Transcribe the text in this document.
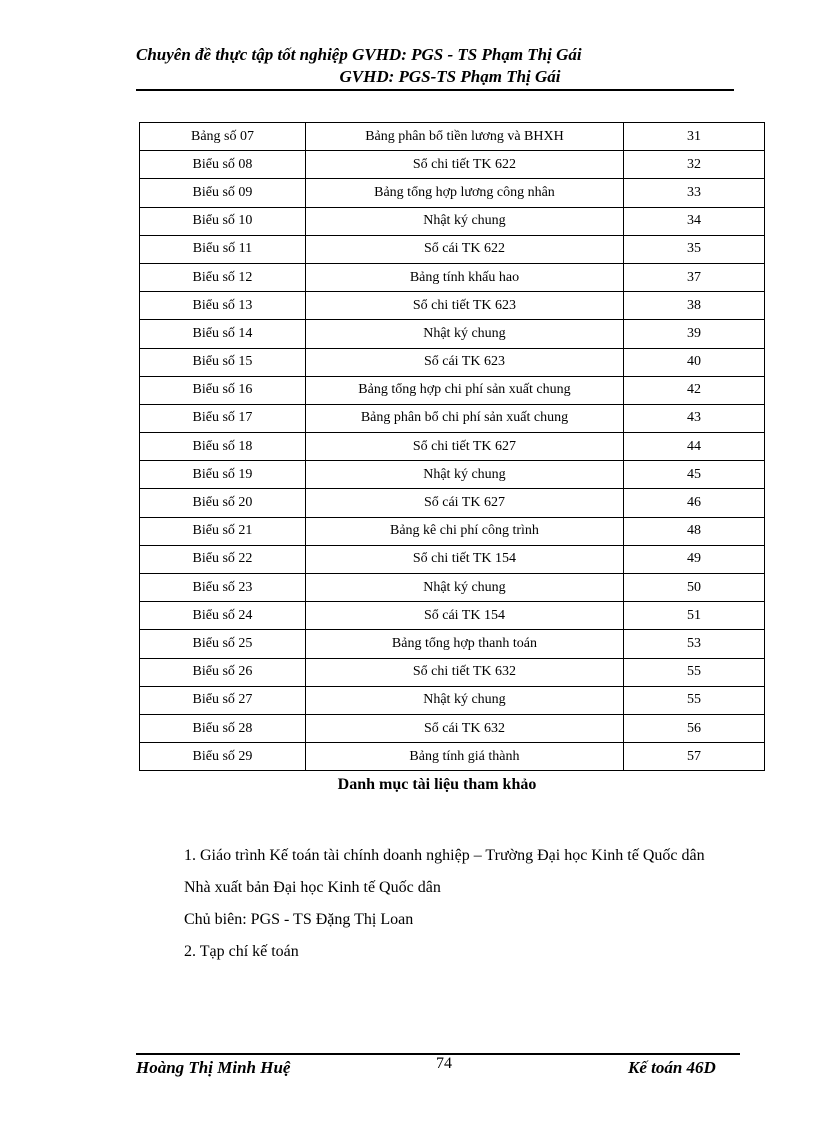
Chuyên đề thực tập tốt nghiệp GVHD: PGS - TS Phạm Thị Gái
GVHD: PGS-TS Phạm Thị Gái
Bảng số 07	Bảng phân bổ tiền lương và BHXH	31
Biểu số 08	Sổ chi tiết TK 622	32
Biểu số 09	Bảng tổng hợp lương công nhân	33
Biểu số 10	Nhật ký chung	34
Biểu số 11	Sổ cái TK 622	35
Biểu số 12	Bảng tính khấu hao	37
Biểu số 13	Sổ chi tiết TK 623	38
Biểu số 14	Nhật ký chung	39
Biểu số 15	Sổ cái TK 623	40
Biểu số 16	Bảng tổng hợp chi phí sản xuất chung	42
Biểu số 17	Bảng phân bổ chi phí sản xuất chung	43
Biểu số 18	Sổ chi tiết TK 627	44
Biểu số 19	Nhật ký chung	45
Biểu số 20	Sổ cái TK 627	46
Biểu số 21	Bảng kê chi phí công trình	48
Biểu số 22	Sổ chi tiết TK 154	49
Biểu số 23	Nhật ký chung	50
Biểu số 24	Sổ cái TK 154	51
Biểu số 25	Bảng tổng hợp thanh toán	53
Biểu số 26	Sổ chi tiết TK 632	55
Biểu số 27	Nhật ký chung	55
Biểu số 28	Sổ cái TK 632	56
Biểu số 29	Bảng tính giá thành	57
Danh mục tài liệu tham khảo

1. Giáo trình Kế toán tài chính doanh nghiệp – Trường Đại học Kinh tế Quốc dân

Nhà xuất bản Đại học Kinh tế Quốc dân

Chủ biên: PGS - TS Đặng Thị Loan

2. Tạp chí kế toán

Hoàng Thị Minh Huệ	74	Kế toán 46D
